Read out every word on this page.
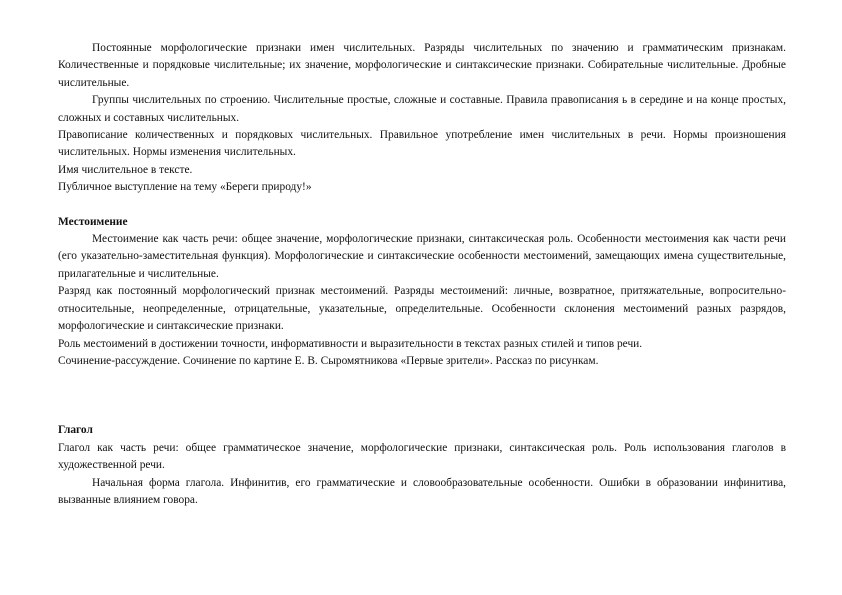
Постоянные морфологические признаки имен числительных. Разряды числительных по значению и грамматическим признакам. Количественные и порядковые числительные; их значение, морфологические и синтаксические признаки. Собирательные числительные. Дробные числительные.

Группы числительных по строению. Числительные простые, сложные и составные. Правила правописания ь в середине и на конце простых, сложных и составных числительных.

Правописание количественных и порядковых числительных. Правильное употребление имен числительных в речи. Нормы произношения числительных. Нормы изменения числительных.

Имя числительное в тексте.

Публичное выступление на тему «Береги природу!»

Местоимение

Местоимение как часть речи: общее значение, морфологические признаки, синтаксическая роль. Особенности местоимения как части речи (его указательно-заместительная функция). Морфологические и синтаксические особенности местоимений, замещающих имена существительные, прилагательные и числительные.

Разряд как постоянный морфологический признак местоимений. Разряды местоимений: личные, возвратное, притяжательные, вопросительно-относительные, неопределенные, отрицательные, указательные, определительные. Особенности склонения местоимений разных разрядов, морфологические и синтаксические признаки.

Роль местоимений в достижении точности, информативности и выразительности в текстах разных стилей и типов речи.

Сочинение-рассуждение. Сочинение по картине Е. В. Сыромятникова «Первые зрители». Рассказ по рисункам.

Глагол

Глагол как часть речи: общее грамматическое значение, морфологические признаки, синтаксическая роль. Роль использования глаголов в художественной речи.

Начальная форма глагола. Инфинитив, его грамматические и словообразовательные особенности. Ошибки в образовании инфинитива, вызванные влиянием говора.
